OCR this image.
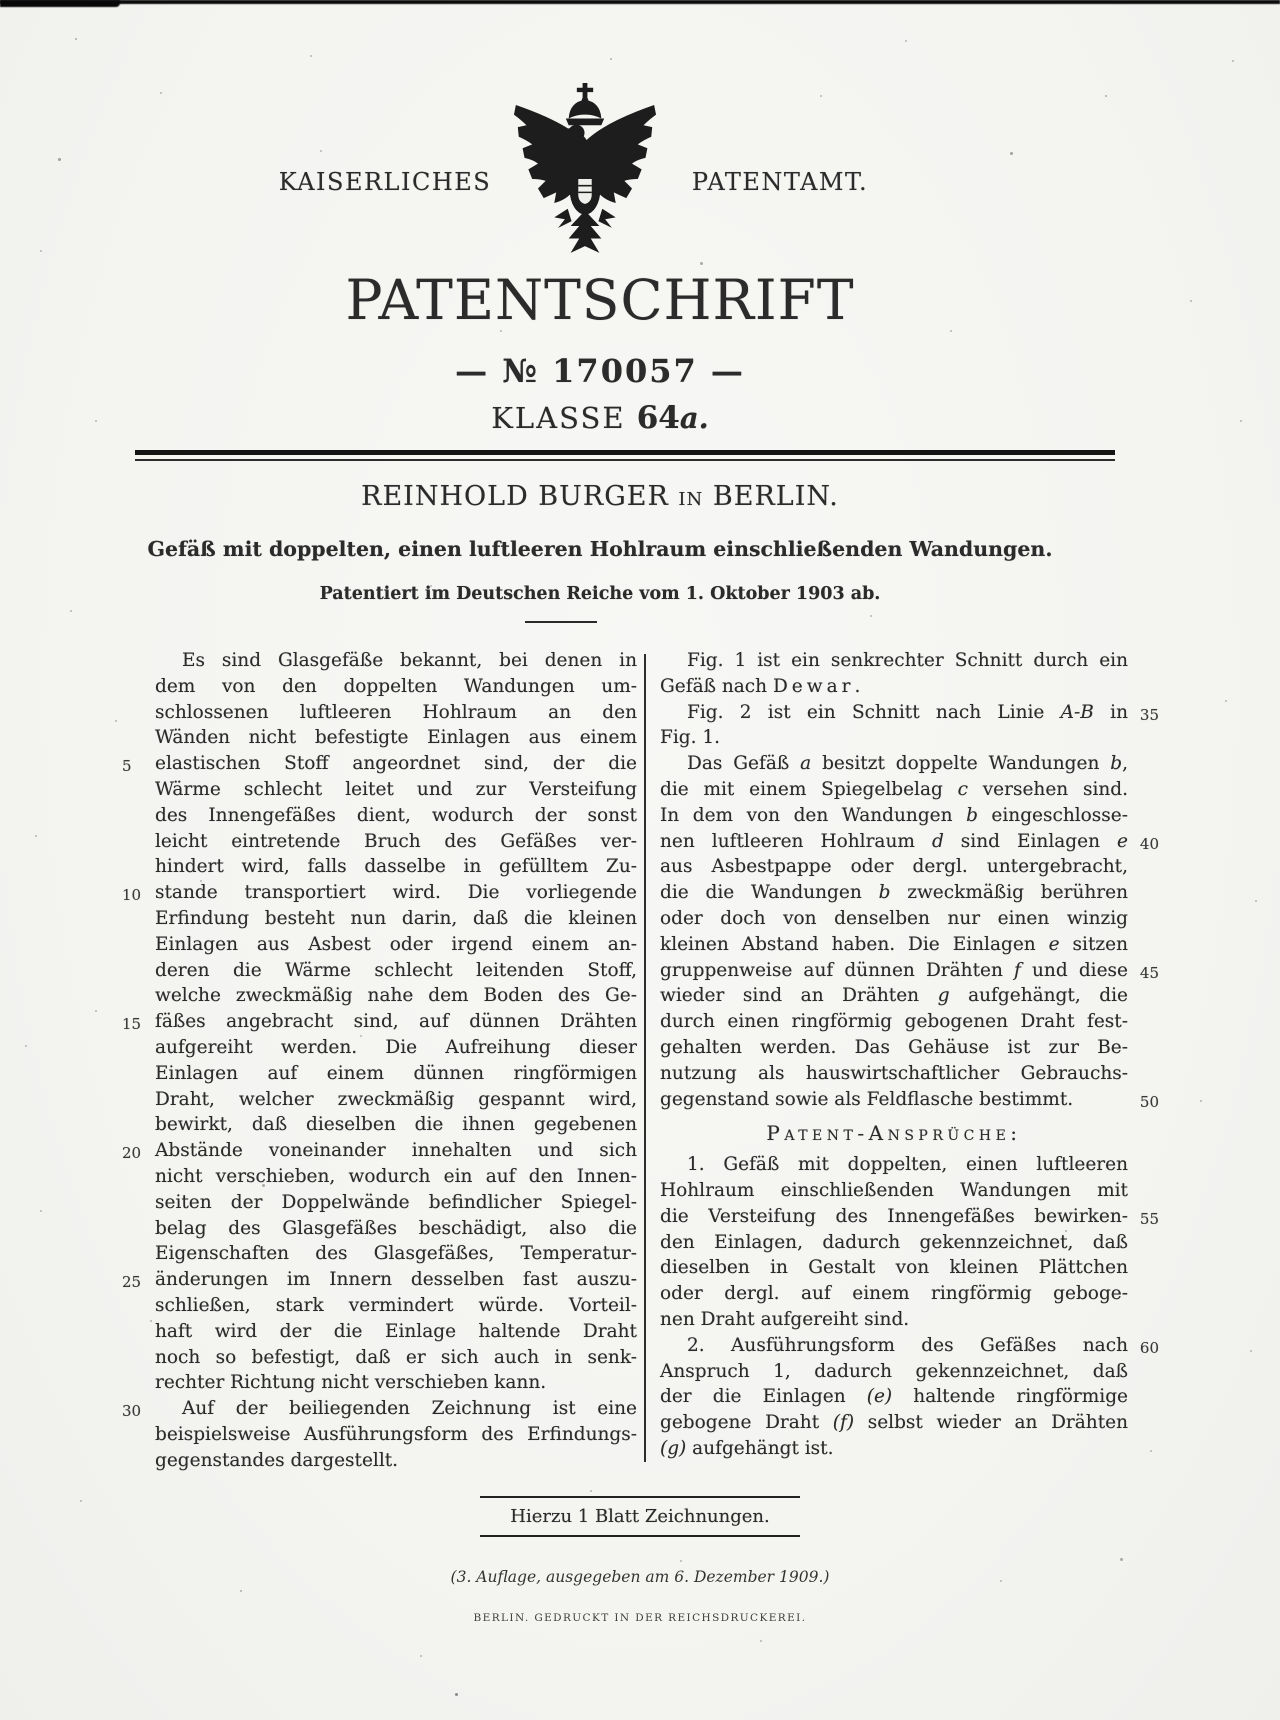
KAISERLICHES	PATENTAMT.
PATENTSCHRIFT
— № 170057 —
KLASSE 64a.
REINHOLD BURGER IN BERLIN.
Gefäß mit doppelten, einen luftleeren Hohlraum einschließenden Wandungen.
Patentiert im Deutschen Reiche vom 1. Oktober 1903 ab.
Es sind Glasgefäße bekannt, bei denen in
dem von den doppelten Wandungen um-
schlossenen luftleeren Hohlraum an den
Wänden nicht befestigte Einlagen aus einem
elastischen Stoff angeordnet sind, der die
5
Wärme schlecht leitet und zur Versteifung
des Innengefäßes dient, wodurch der sonst
leicht eintretende Bruch des Gefäßes ver-
hindert wird, falls dasselbe in gefülltem Zu-
stande transportiert wird. Die vorliegende
10
Erfindung besteht nun darin, daß die kleinen
Einlagen aus Asbest oder irgend einem an-
deren die Wärme schlecht leitenden Stoff,
welche zweckmäßig nahe dem Boden des Ge-
fäßes angebracht sind, auf dünnen Drähten
15
aufgereiht werden. Die Aufreihung dieser
Einlagen auf einem dünnen ringförmigen
Draht, welcher zweckmäßig gespannt wird,
bewirkt, daß dieselben die ihnen gegebenen
Abstände voneinander innehalten und sich
20
nicht verschieben, wodurch ein auf den Innen-
seiten der Doppelwände befindlicher Spiegel-
belag des Glasgefäßes beschädigt, also die
Eigenschaften des Glasgefäßes, Temperatur-
änderungen im Innern desselben fast auszu-
25
schließen, stark vermindert würde. Vorteil-
haft wird der die Einlage haltende Draht
noch so befestigt, daß er sich auch in senk-
rechter Richtung nicht verschieben kann.
Auf der beiliegenden Zeichnung ist eine
30
beispielsweise Ausführungsform des Erfindungs-
gegenstandes dargestellt.
Fig. 1 ist ein senkrechter Schnitt durch ein
Gefäß nach Dewar.
Fig. 2 ist ein Schnitt nach Linie A-B in 35
Fig. 1.
Das Gefäß a besitzt doppelte Wandungen b,
die mit einem Spiegelbelag c versehen sind.
In dem von den Wandungen b eingeschlosse-
nen luftleeren Hohlraum d sind Einlagen e 40
aus Asbestpappe oder dergl. untergebracht,
die die Wandungen b zweckmäßig berühren
oder doch von denselben nur einen winzig
kleinen Abstand haben. Die Einlagen e sitzen
gruppenweise auf dünnen Drähten f und diese 45
wieder sind an Drähten g aufgehängt, die
durch einen ringförmig gebogenen Draht fest-
gehalten werden. Das Gehäuse ist zur Be-
nutzung als hauswirtschaftlicher Gebrauchs-
gegenstand sowie als Feldflasche bestimmt.	50
Patent-Ansprüche:
1. Gefäß mit doppelten, einen luftleeren
Hohlraum einschließenden Wandungen mit
die Versteifung des Innengefäßes bewirken- 55
den Einlagen, dadurch gekennzeichnet, daß
dieselben in Gestalt von kleinen Plättchen
oder dergl. auf einem ringförmig geboge-
nen Draht aufgereiht sind.
2. Ausführungsform des Gefäßes nach 60
Anspruch 1, dadurch gekennzeichnet, daß
der die Einlagen (e) haltende ringförmige
gebogene Draht (f) selbst wieder an Drähten
(g) aufgehängt ist.
Hierzu 1 Blatt Zeichnungen.
(3. Auflage, ausgegeben am 6. Dezember 1909.)
BERLIN. GEDRUCKT IN DER REICHSDRUCKEREI.
